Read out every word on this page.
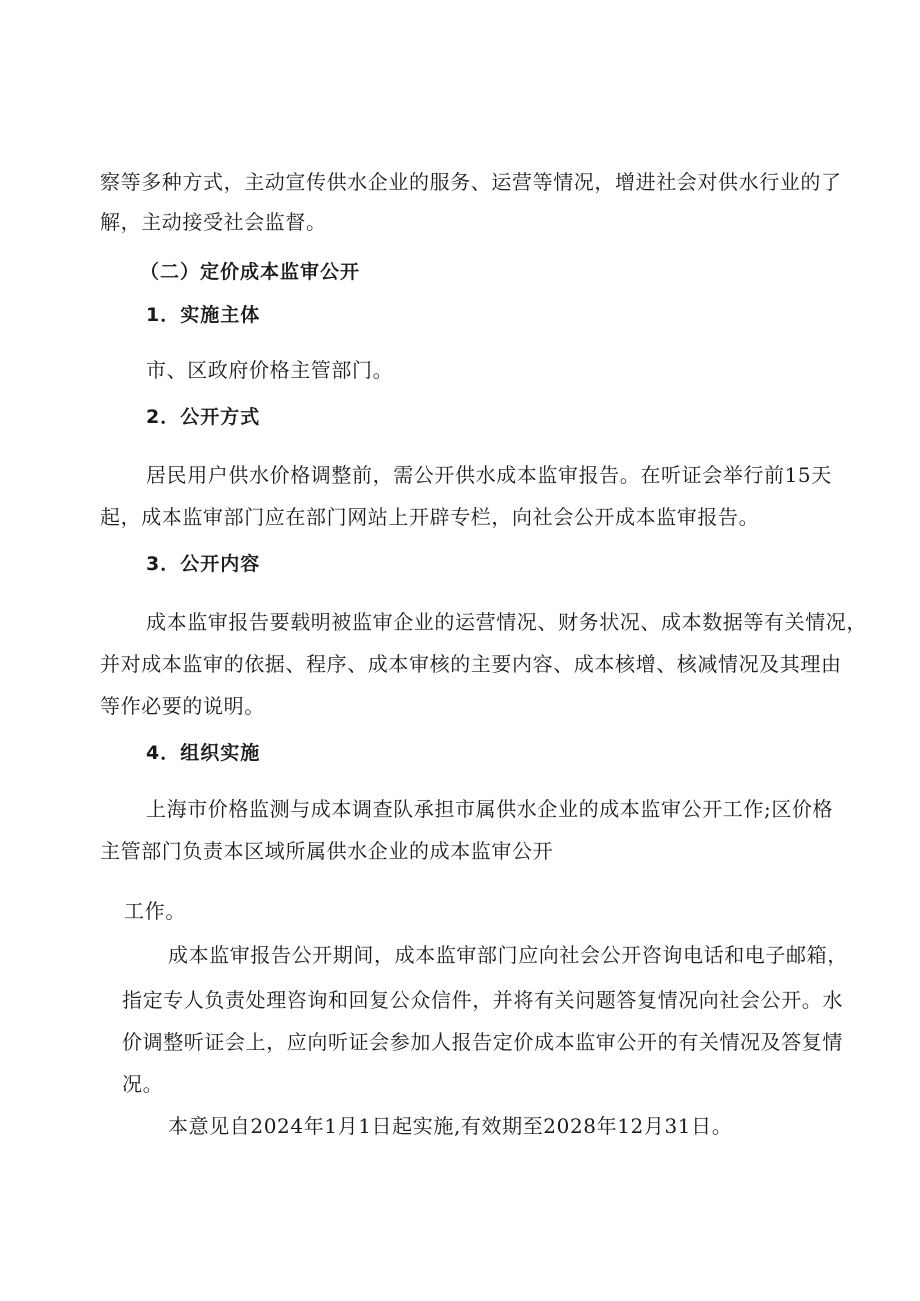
察等多种方式，主动宣传供水企业的服务、运营等情况，增进社会对供水行业的了
解，主动接受社会监督。
（二）定价成本监审公开
1．实施主体
市、区政府价格主管部门。
2．公开方式
居民用户供水价格调整前，需公开供水成本监审报告。在听证会举行前15天
起，成本监审部门应在部门网站上开辟专栏，向社会公开成本监审报告。
3．公开内容
成本监审报告要载明被监审企业的运营情况、财务状况、成本数据等有关情况，
并对成本监审的依据、程序、成本审核的主要内容、成本核增、核减情况及其理由
等作必要的说明。
4．组织实施
上海市价格监测与成本调查队承担市属供水企业的成本监审公开工作;区价格
主管部门负责本区域所属供水企业的成本监审公开
工作。
成本监审报告公开期间，成本监审部门应向社会公开咨询电话和电子邮箱，
指定专人负责处理咨询和回复公众信件，并将有关问题答复情况向社会公开。水
价调整听证会上，应向听证会参加人报告定价成本监审公开的有关情况及答复情
况。
本意见自2024年1月1日起实施,有效期至2028年12月31日。
